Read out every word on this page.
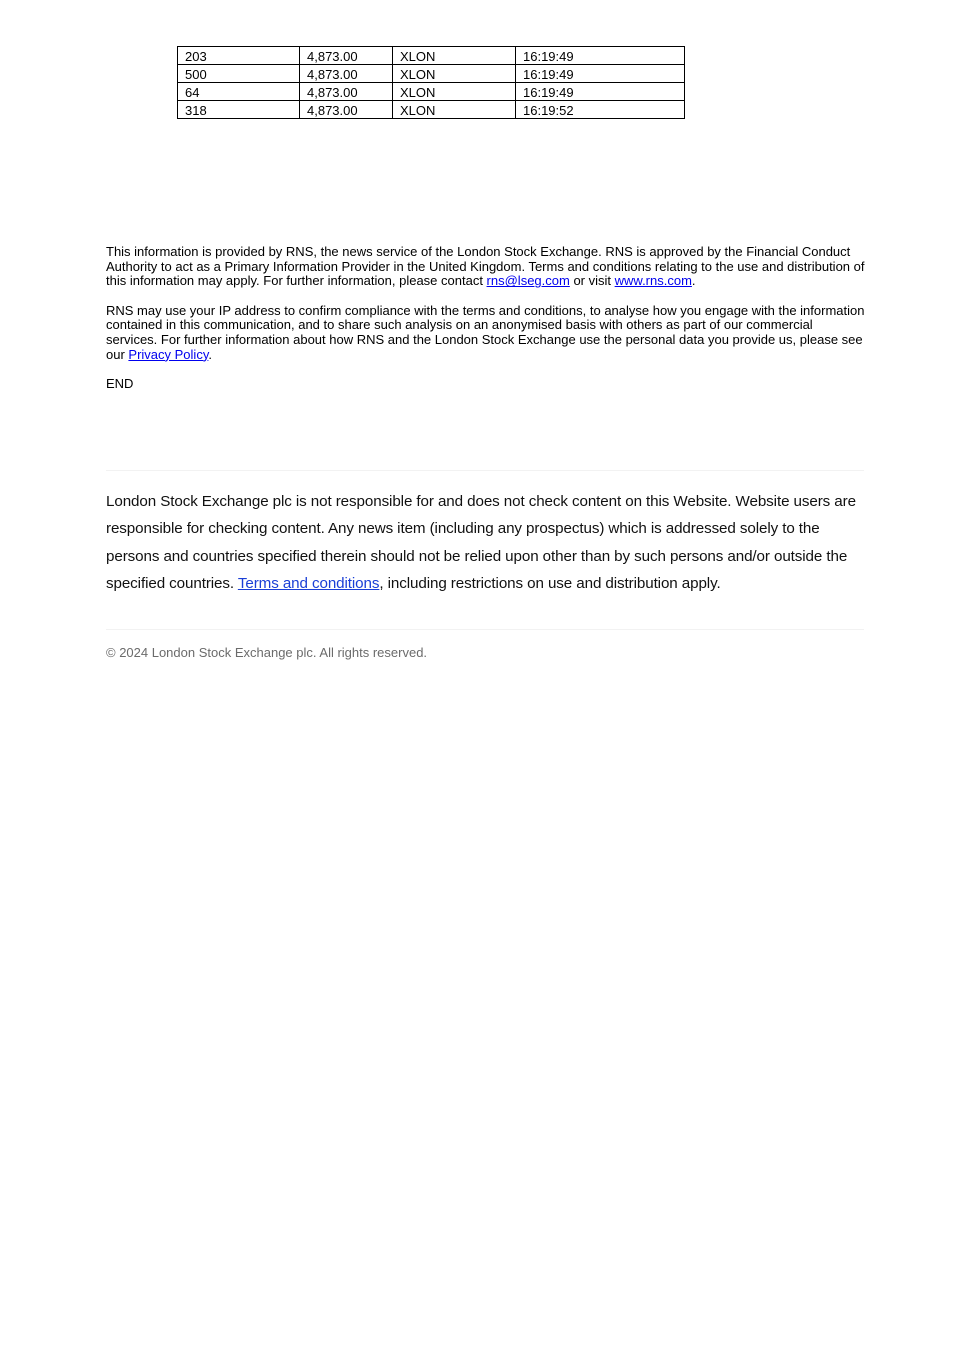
203	4,873.00	XLON	16:19:49
500	4,873.00	XLON	16:19:49
64	4,873.00	XLON	16:19:49
318	4,873.00	XLON	16:19:52

This information is provided by RNS, the news service of the London Stock Exchange. RNS is approved by the Financial Conduct Authority to act as a Primary Information Provider in the United Kingdom. Terms and conditions relating to the use and distribution of this information may apply. For further information, please contact rns@lseg.com or visit www.rns.com.

RNS may use your IP address to confirm compliance with the terms and conditions, to analyse how you engage with the information contained in this communication, and to share such analysis on an anonymised basis with others as part of our commercial services. For further information about how RNS and the London Stock Exchange use the personal data you provide us, please see our Privacy Policy.

END

London Stock Exchange plc is not responsible for and does not check content on this Website. Website users are responsible for checking content. Any news item (including any prospectus) which is addressed solely to the persons and countries specified therein should not be relied upon other than by such persons and/or outside the specified countries. Terms and conditions, including restrictions on use and distribution apply.
© 2024 London Stock Exchange plc. All rights reserved.
